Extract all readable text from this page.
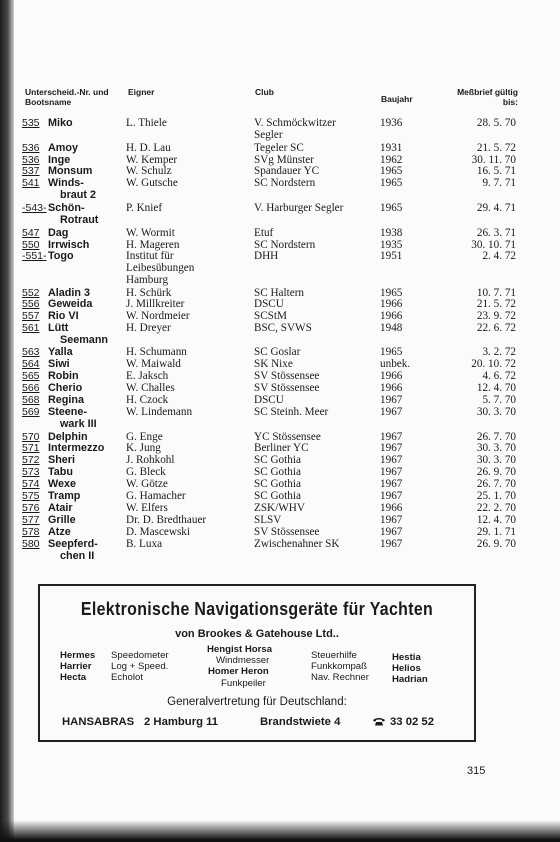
Unterscheid.-Nr. und Bootsname
Eigner	Club
Baujahr
Meßbrief gültig bis:
535 Miko	L. Thiele	V. Schmöckwitzer	1936	28. 5. 70
Segler
536 Amoy	H. D. Lau	Tegeler SC	1931	21. 5. 72
536 Inge	W. Kemper	SVg Münster	1962	30. 11. 70
537 Monsum	W. Schulz	Spandauer YC	1965	16. 5. 71
541 Winds-	W. Gutsche	SC Nordstern	1965	9. 7. 71
braut 2
-543- Schön-	P. Knief	V. Harburger Segler	1965	29. 4. 71
Rotraut
547 Dag	W. Wormit	Etuf	1938	26. 3. 71
550 Irrwisch	H. Mageren	SC Nordstern	1935	30. 10. 71
-551- Togo	Institut für	DHH	1951	2. 4. 72
Leibesübungen
Hamburg
552 Aladin 3	H. Schürk	SC Haltern	1965	10. 7. 71
556 Geweida	J. Millkreiter	DSCU	1966	21. 5. 72
557 Rio VI	W. Nordmeier	SCStM	1966	23. 9. 72
561 Lütt	H. Dreyer	BSC, SVWS	1948	22. 6. 72
Seemann
563 Yalla	H. Schumann	SC Goslar	1965	3. 2. 72
564 Siwi	W. Maiwald	SK Nixe	unbek.	20. 10. 72
565 Robin	E. Jaksch	SV Stössensee	1966	4. 6. 72
566 Cherio	W. Challes	SV Stössensee	1966	12. 4. 70
568 Regina	H. Czock	DSCU	1967	5. 7. 70
569 Steene-	W. Lindemann	SC Steinh. Meer	1967	30. 3. 70
wark III
570 Delphin	G. Enge	YC Stössensee	1967	26. 7. 70
571 Intermezzo K. Jung	Berliner YC	1967	30. 3. 70
572 Sheri	J. Rohkohl	SC Gothia	1967	30. 3. 70
573 Tabu	G. Bleck	SC Gothia	1967	26. 9. 70
574 Wexe	W. Götze	SC Gothia	1967	26. 7. 70
575 Tramp	G. Hamacher	SC Gothia	1967	25. 1. 70
576 Atair	W. Elfers	ZSK/WHV	1966	22. 2. 70
577 Grille	Dr. D. Bredthauer	SLSV	1967	12. 4. 70
578 Atze	D. Mascewski	SV Stössensee	1967	29. 1. 71
580 Seepferd-	B. Luxa	Zwischenahner SK	1967	26. 9. 70
chen II
Elektronische Navigationsgeräte für Yachten
von Brookes & Gatehouse Ltd..
Hermes
Harrier
Hecta
Speedometer
Log + Speed.
Echolot
Hengist Horsa
Windmesser
Homer Heron
Funkpeiler
Steuerhilfe
Funkkompaß
Nav. Rechner
Hestia
Helios
Hadrian
Generalvertretung für Deutschland:
HANSABRAS 2 Hamburg 11	Brandstwiete 4	33 02 52
315
